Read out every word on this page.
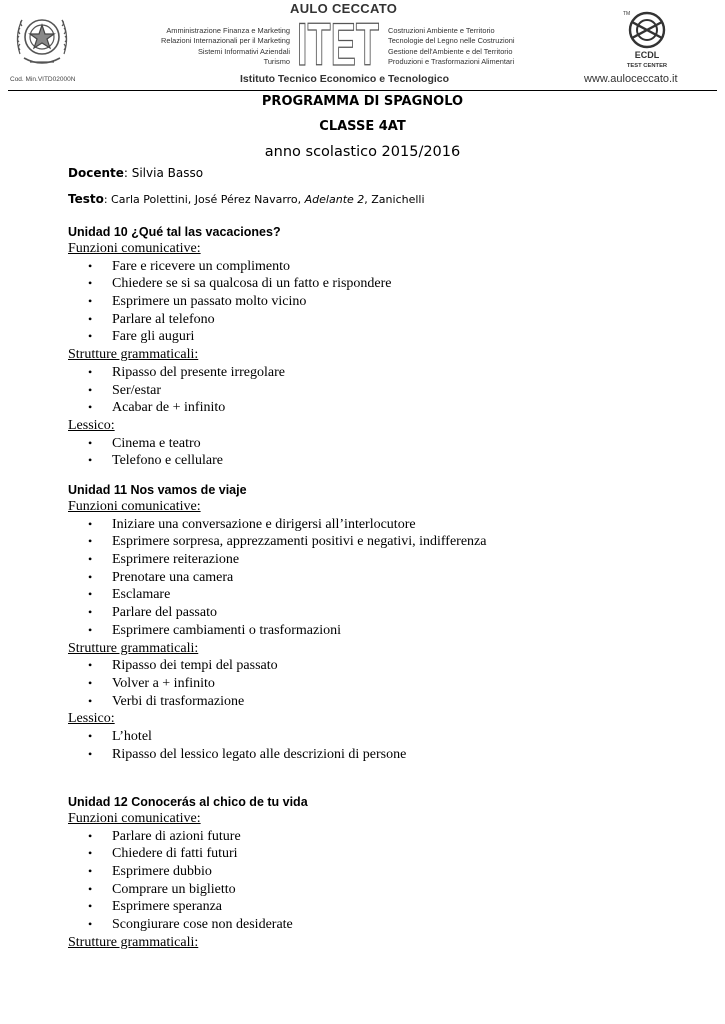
Cod. Min.VITD02000N
AULO CECCATO
Amministrazione Finanza e Marketing
Relazioni Internazionali per il Marketing
Sistemi Informativi Aziendali
Turismo ITET Costruzioni Ambiente e Territorio
Tecnologie del Legno nelle Costruzioni
Gestione dell'Ambiente e del Territorio
Produzioni e Trasformazioni Alimentari
Istituto Tecnico Economico e Tecnologico
TM
ECDL
TEST CENTER
www.auloceccato.it
PROGRAMMA DI SPAGNOLO
CLASSE 4AT
anno scolastico 2015/2016
Docente: Silvia Basso
Testo: Carla Polettini, José Pérez Navarro, Adelante 2, Zanichelli
Unidad 10 ¿Qué tal las vacaciones?
Funzioni comunicative:
• Fare e ricevere un complimento
• Chiedere se si sa qualcosa di un fatto e rispondere
• Esprimere un passato molto vicino
• Parlare al telefono
• Fare gli auguri
Strutture grammaticali:
• Ripasso del presente irregolare
• Ser/estar
• Acabar de + infinito
Lessico:
• Cinema e teatro
• Telefono e cellulare
Unidad 11 Nos vamos de viaje
Funzioni comunicative:
• Iniziare una conversazione e dirigersi all’interlocutore
• Esprimere sorpresa, apprezzamenti positivi e negativi, indifferenza
• Esprimere reiterazione
• Prenotare una camera
• Esclamare
• Parlare del passato
• Esprimere cambiamenti o trasformazioni
Strutture grammaticali:
• Ripasso dei tempi del passato
• Volver a + infinito
• Verbi di trasformazione
Lessico:
• L’hotel
• Ripasso del lessico legato alle descrizioni di persone
Unidad 12 Conocerás al chico de tu vida
Funzioni comunicative:
• Parlare di azioni future
• Chiedere di fatti futuri
• Esprimere dubbio
• Comprare un biglietto
• Esprimere speranza
• Scongiurare cose non desiderate
Strutture grammaticali:
